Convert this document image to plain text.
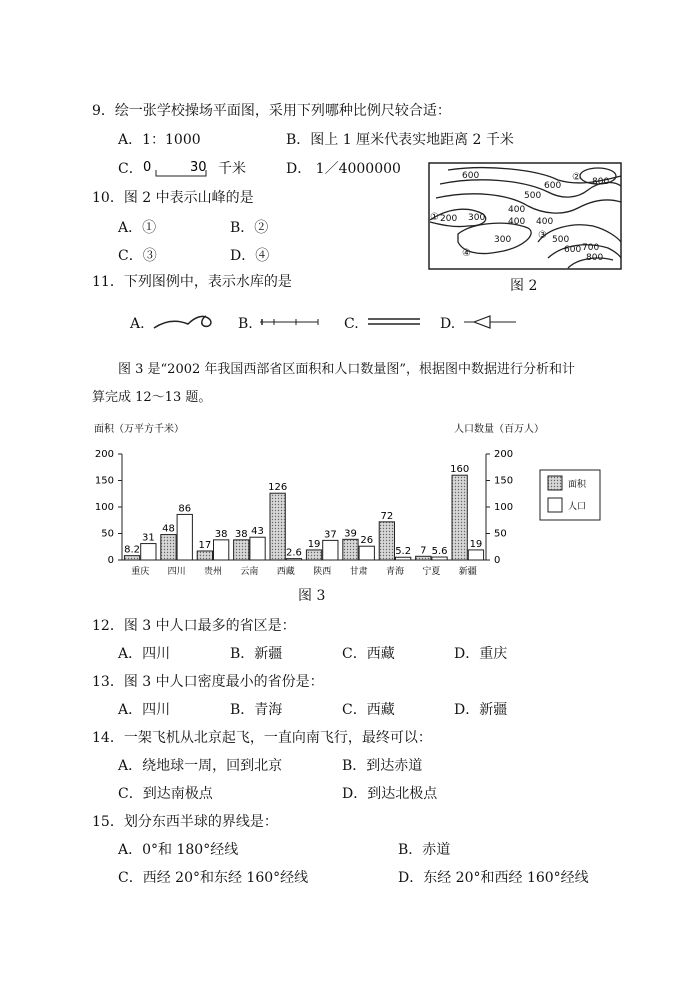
9．绘一张学校操场平面图，采用下列哪种比例尺较合适：
A．1：1000	B．图上 1 厘米代表实地距离 2 千米
C． 0	30 千米	D． 1／4000000
10．图 2 中表示山峰的是
A．①	B．②
C．③	D．④
600
800
600
500
400
200 300	400
400
300	500
600 700
800
①
②
③
④
图 2
11．下列图例中，表示水库的是
A.	B.	C.	D.
图 3 是“2002 年我国西部省区面积和人口数量图”，根据图中数据进行分析和计
算完成 12～13 题。
面积（万平方千米）	人口数量（百万人）
0	0
50	50
100	100
150	150
200	200
8.2
31
48
86
17
38 38 43
126
2.6
19
37 39
26
72
5.2 7 5.6
160
19
重庆 四川 贵州 云南 西藏 陕西 甘肃 青海 宁夏 新疆
面积
人口
图 3
12．图 3 中人口最多的省区是：
A．四川	B．新疆	C．西藏	D．重庆
13．图 3 中人口密度最小的省份是：
A．四川	B．青海	C．西藏	D．新疆
14．一架飞机从北京起飞，一直向南飞行，最终可以：
A．绕地球一周，回到北京	B．到达赤道
C．到达南极点	D．到达北极点
15．划分东西半球的界线是：
A．0°和 180°经线	B．赤道
C．西经 20°和东经 160°经线	D．东经 20°和西经 160°经线
